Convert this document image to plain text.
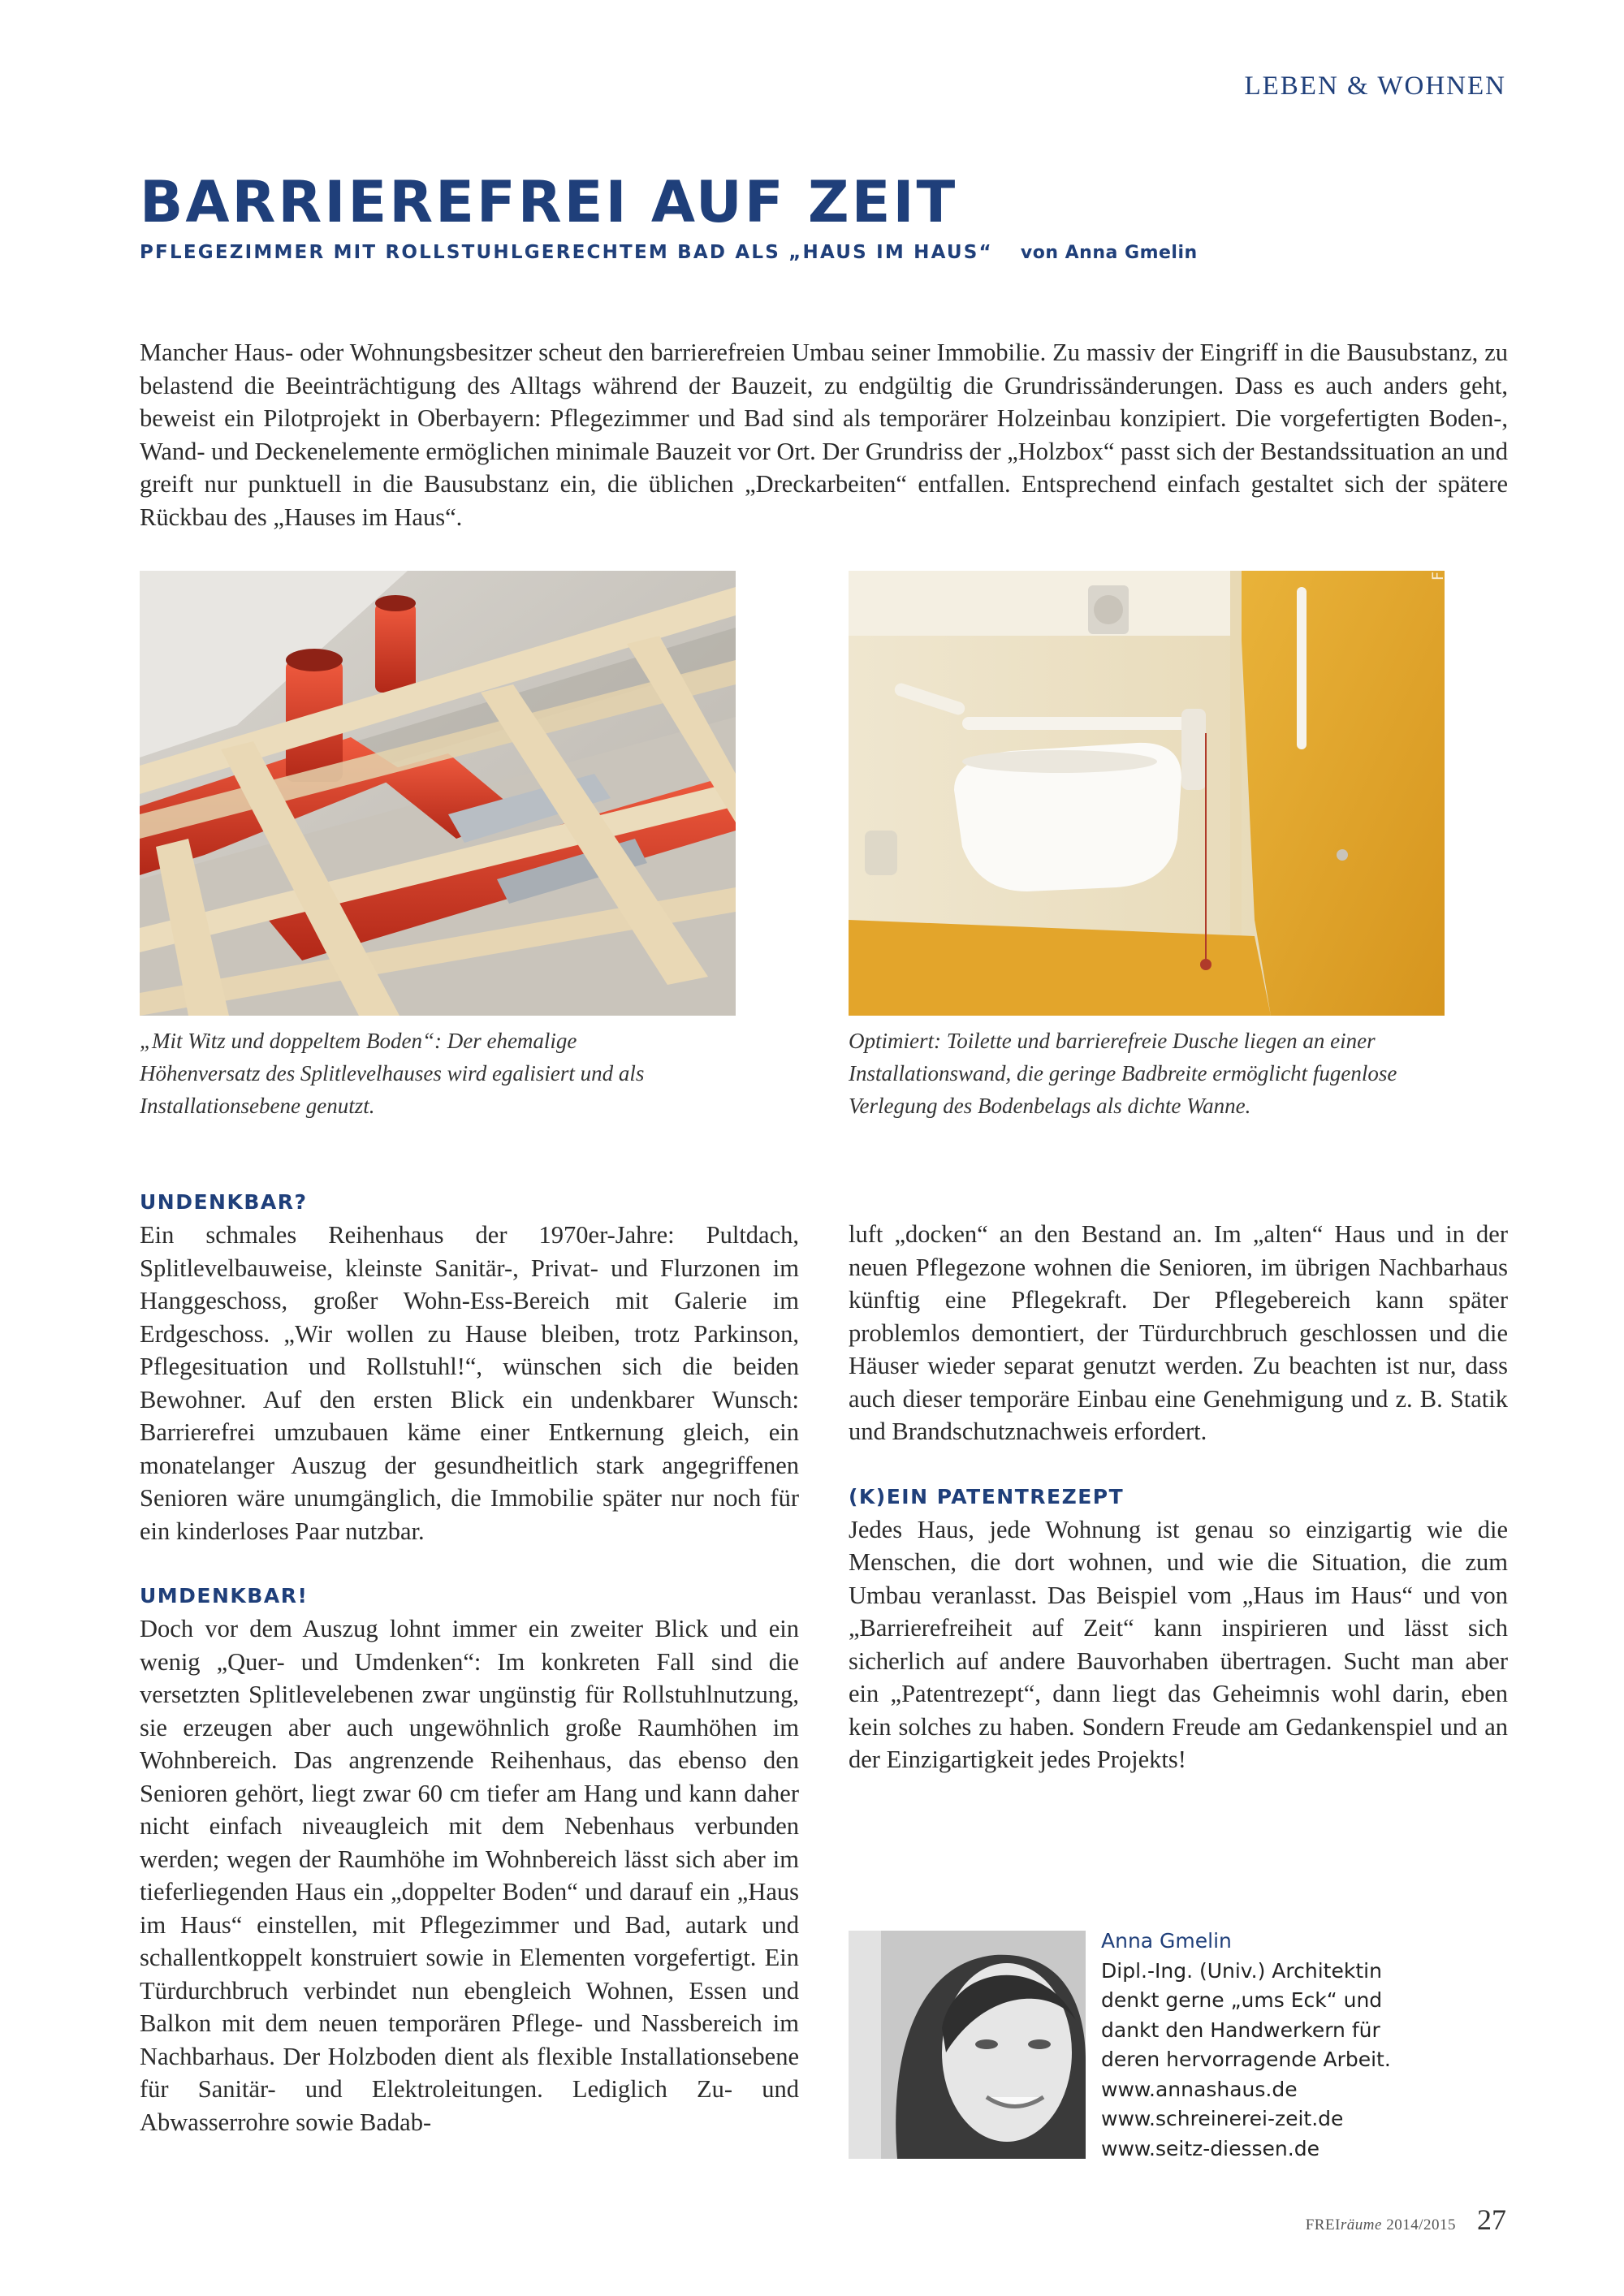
LEBEN & WOHNEN
BARRIEREFREI AUF ZEIT
PFLEGEZIMMER MIT ROLLSTUHLGERECHTEM BAD ALS „HAUS IM HAUS“ von Anna Gmelin

Mancher Haus- oder Wohnungsbesitzer scheut den barrierefreien Umbau seiner Immobilie. Zu massiv der Eingriff in die Bausubstanz, zu belastend die Beeinträchtigung des Alltags während der Bauzeit, zu endgültig die Grundrissänderungen. Dass es auch anders geht, beweist ein Pilotprojekt in Oberbayern: Pflegezimmer und Bad sind als temporärer Holzeinbau konzipiert. Die vorgefertigten Boden-, Wand- und Deckenelemente ermöglichen minimale Bauzeit vor Ort. Der Grundriss der „Holzbox“ passt sich der Bestandssituation an und greift nur punktuell in die Bausubstanz ein, die üblichen „Dreckarbeiten“ entfallen. Entsprechend einfach gestaltet sich der spätere Rückbau des „Hauses im Haus“.	Fotos: Gmelin

„Mit Witz und doppeltem Boden“: Der ehemalige Höhenversatz des Splitlevelhauses wird egalisiert und als Installationsebene genutzt.

Optimiert: Toilette und barrierefreie Dusche liegen an einer Installationswand, die geringe Badbreite ermöglicht fugenlose Verlegung des Bodenbelags als dichte Wanne.

UNDENKBAR?

Ein schmales Reihenhaus der 1970er-Jahre: Pultdach, Splitlevelbauweise, kleinste Sanitär-, Privat- und Flurzonen im Hanggeschoss, großer Wohn-Ess-Bereich mit Galerie im Erdgeschoss. „Wir wollen zu Hause bleiben, trotz Parkinson, Pflegesituation und Rollstuhl!“, wünschen sich die beiden Bewohner. Auf den ersten Blick ein undenkbarer Wunsch: Barrierefrei umzubauen käme einer Entkernung gleich, ein monatelanger Auszug der gesundheitlich stark angegriffenen Senioren wäre unumgänglich, die Immobilie später nur noch für ein kinderloses Paar nutzbar.

UMDENKBAR!

Doch vor dem Auszug lohnt immer ein zweiter Blick und ein wenig „Quer- und Umdenken“: Im konkreten Fall sind die versetzten Splitlevelebenen zwar ungünstig für Rollstuhlnutzung, sie erzeugen aber auch ungewöhnlich große Raumhöhen im Wohnbereich. Das angrenzende Reihenhaus, das ebenso den Senioren gehört, liegt zwar 60 cm tiefer am Hang und kann daher nicht einfach niveaugleich mit dem Nebenhaus verbunden werden; wegen der Raumhöhe im Wohnbereich lässt sich aber im tieferliegenden Haus ein „doppelter Boden“ und darauf ein „Haus im Haus“ einstellen, mit Pflegezimmer und Bad, autark und schallentkoppelt konstruiert sowie in Elementen vorgefertigt. Ein Türdurchbruch verbindet nun ebengleich Wohnen, Essen und Balkon mit dem neuen temporären Pflege- und Nassbereich im Nachbarhaus. Der Holzboden dient als flexible Installationsebene für Sanitär- und Elektroleitungen. Lediglich Zu- und Abwasserrohre sowie Badab-

luft „docken“ an den Bestand an. Im „alten“ Haus und in der neuen Pflegezone wohnen die Senioren, im übrigen Nachbarhaus künftig eine Pflegekraft. Der Pflegebereich kann später problemlos demontiert, der Türdurchbruch geschlossen und die Häuser wieder separat genutzt werden. Zu beachten ist nur, dass auch dieser temporäre Einbau eine Genehmigung und z. B. Statik und Brandschutznachweis erfordert.

(K)EIN PATENTREZEPT

Jedes Haus, jede Wohnung ist genau so einzigartig wie die Menschen, die dort wohnen, und wie die Situation, die zum Umbau veranlasst. Das Beispiel vom „Haus im Haus“ und von „Barrierefreiheit auf Zeit“ kann inspirieren und lässt sich sicherlich auf andere Bauvorhaben übertragen. Sucht man aber ein „Patentrezept“, dann liegt das Geheimnis wohl darin, eben kein solches zu haben. Sondern Freude am Gedankenspiel und an der Einzigartigkeit jedes Projekts!

Anna Gmelin
Dipl.-Ing. (Univ.) Architektin
denkt gerne „ums Eck“ und
dankt den Handwerkern für
deren hervorragende Arbeit.
www.annashaus.de
www.schreinerei-zeit.de
www.seitz-diessen.de
FREIräume 2014/2015 27
